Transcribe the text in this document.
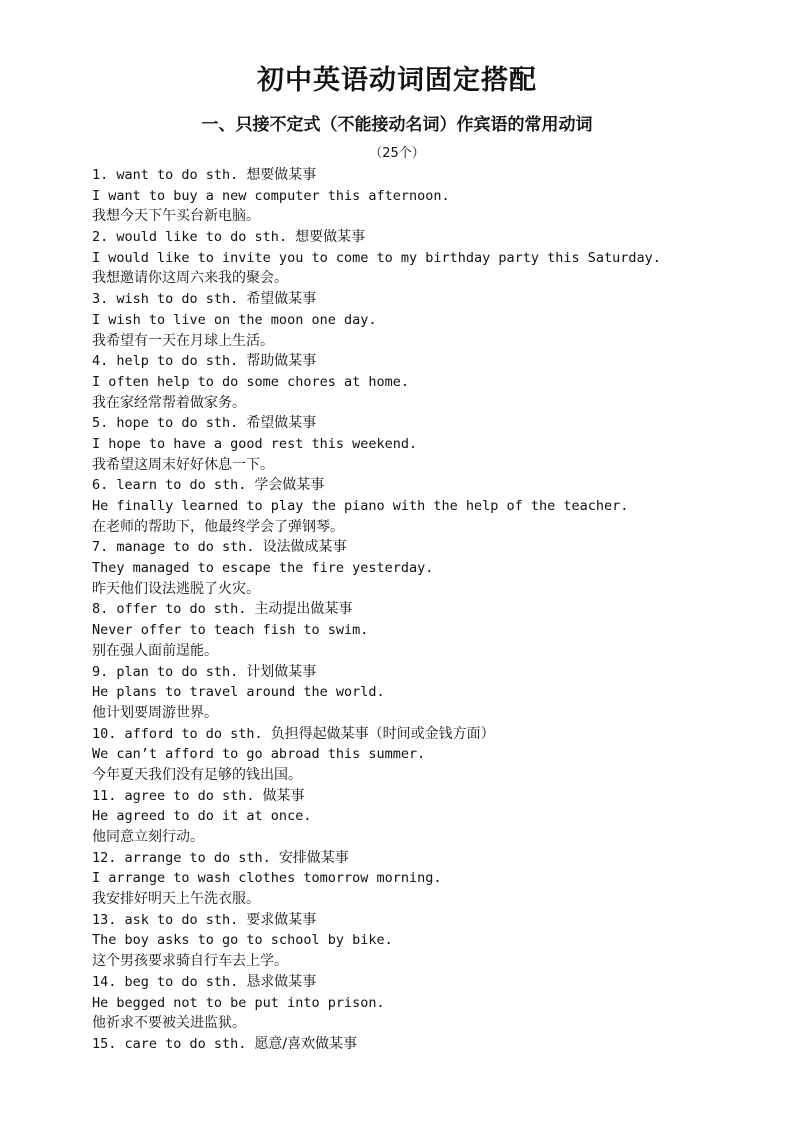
初中英语动词固定搭配
一、只接不定式（不能接动名词）作宾语的常用动词
（25个）
1. want to do sth. 想要做某事
I want to buy a new computer this afternoon.
我想今天下午买台新电脑。
2. would like to do sth. 想要做某事
I would like to invite you to come to my birthday party this Saturday.
我想邀请你这周六来我的聚会。
3. wish to do sth. 希望做某事
I wish to live on the moon one day.
我希望有一天在月球上生活。
4. help to do sth. 帮助做某事
I often help to do some chores at home.
我在家经常帮着做家务。
5. hope to do sth. 希望做某事
I hope to have a good rest this weekend.
我希望这周末好好休息一下。
6. learn to do sth. 学会做某事
He finally learned to play the piano with the help of the teacher.
在老师的帮助下，他最终学会了弹钢琴。
7. manage to do sth. 设法做成某事
They managed to escape the fire yesterday.
昨天他们设法逃脱了火灾。
8. offer to do sth. 主动提出做某事
Never offer to teach fish to swim.
别在强人面前逞能。
9. plan to do sth. 计划做某事
He plans to travel around the world.
他计划要周游世界。
10. afford to do sth. 负担得起做某事（时间或金钱方面）
We can’t afford to go abroad this summer.
今年夏天我们没有足够的钱出国。
11. agree to do sth. 做某事
He agreed to do it at once.
他同意立刻行动。
12. arrange to do sth. 安排做某事
I arrange to wash clothes tomorrow morning.
我安排好明天上午洗衣服。
13. ask to do sth. 要求做某事
The boy asks to go to school by bike.
这个男孩要求骑自行车去上学。
14. beg to do sth. 恳求做某事
He begged not to be put into prison.
他祈求不要被关进监狱。
15. care to do sth. 愿意/喜欢做某事
